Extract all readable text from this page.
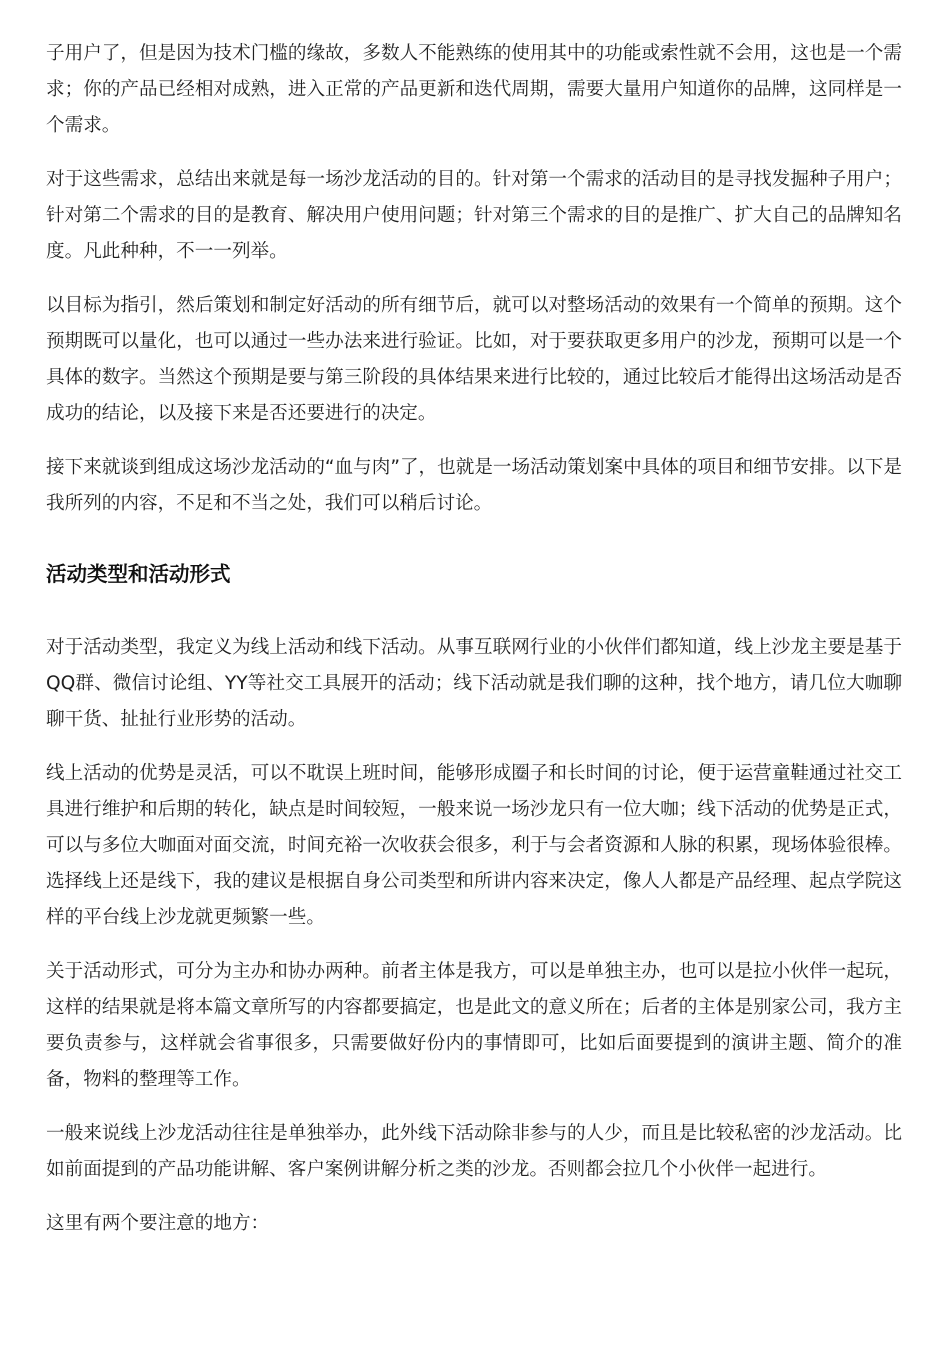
子用户了，但是因为技术门槛的缘故，多数人不能熟练的使用其中的功能或索性就不会用，这也是一个需求；你的产品已经相对成熟，进入正常的产品更新和迭代周期，需要大量用户知道你的品牌，这同样是一个需求。

对于这些需求，总结出来就是每一场沙龙活动的目的。针对第一个需求的活动目的是寻找发掘种子用户；针对第二个需求的目的是教育、解决用户使用问题；针对第三个需求的目的是推广、扩大自己的品牌知名度。凡此种种，不一一列举。

以目标为指引，然后策划和制定好活动的所有细节后，就可以对整场活动的效果有一个简单的预期。这个预期既可以量化，也可以通过一些办法来进行验证。比如，对于要获取更多用户的沙龙，预期可以是一个具体的数字。当然这个预期是要与第三阶段的具体结果来进行比较的，通过比较后才能得出这场活动是否成功的结论，以及接下来是否还要进行的决定。

接下来就谈到组成这场沙龙活动的“血与肉”了，也就是一场活动策划案中具体的项目和细节安排。以下是我所列的内容，不足和不当之处，我们可以稍后讨论。

活动类型和活动形式

对于活动类型，我定义为线上活动和线下活动。从事互联网行业的小伙伴们都知道，线上沙龙主要是基于QQ群、微信讨论组、YY等社交工具展开的活动；线下活动就是我们聊的这种，找个地方，请几位大咖聊聊干货、扯扯行业形势的活动。

线上活动的优势是灵活，可以不耽误上班时间，能够形成圈子和长时间的讨论，便于运营童鞋通过社交工具进行维护和后期的转化，缺点是时间较短，一般来说一场沙龙只有一位大咖；线下活动的优势是正式，可以与多位大咖面对面交流，时间充裕一次收获会很多，利于与会者资源和人脉的积累，现场体验很棒。选择线上还是线下，我的建议是根据自身公司类型和所讲内容来决定，像人人都是产品经理、起点学院这样的平台线上沙龙就更频繁一些。

关于活动形式，可分为主办和协办两种。前者主体是我方，可以是单独主办，也可以是拉小伙伴一起玩，这样的结果就是将本篇文章所写的内容都要搞定，也是此文的意义所在；后者的主体是别家公司，我方主要负责参与，这样就会省事很多，只需要做好份内的事情即可，比如后面要提到的演讲主题、简介的准备，物料的整理等工作。

一般来说线上沙龙活动往往是单独举办，此外线下活动除非参与的人少，而且是比较私密的沙龙活动。比如前面提到的产品功能讲解、客户案例讲解分析之类的沙龙。否则都会拉几个小伙伴一起进行。

这里有两个要注意的地方：
